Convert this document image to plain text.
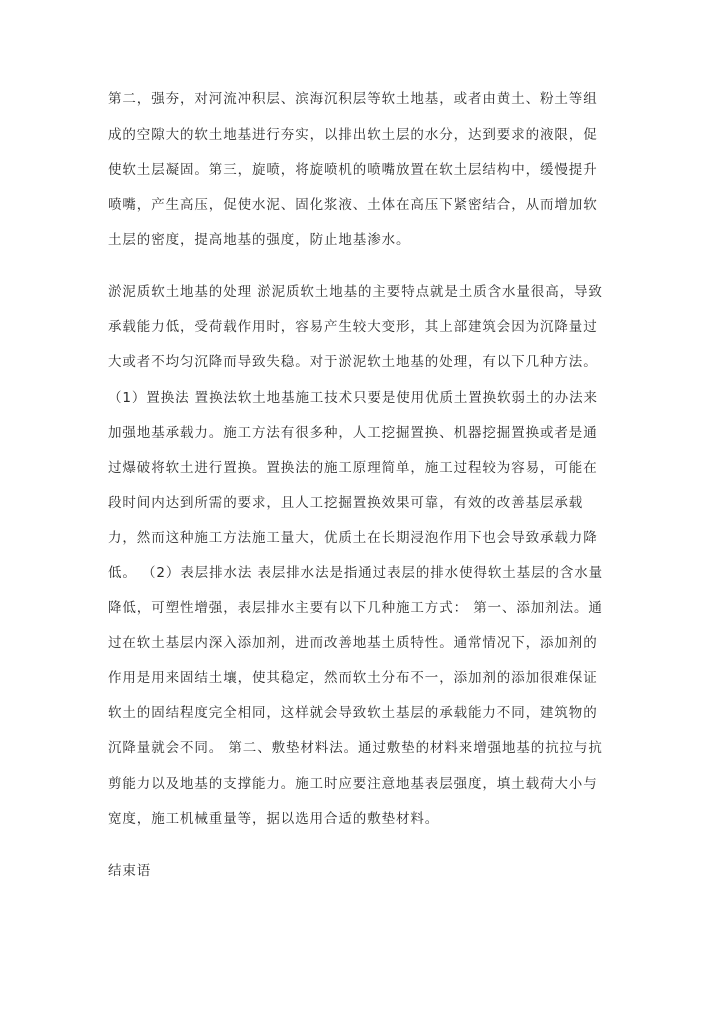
第二，强夯，对河流冲积层、滨海沉积层等软土地基，或者由黄土、粉土等组

成的空隙大的软土地基进行夯实，以排出软土层的水分，达到要求的液限，促

使软土层凝固。第三，旋喷，将旋喷机的喷嘴放置在软土层结构中，缓慢提升

喷嘴，产生高压，促使水泥、固化浆液、土体在高压下紧密结合，从而增加软

土层的密度，提高地基的强度，防止地基渗水。

淤泥质软土地基的处理 淤泥质软土地基的主要特点就是土质含水量很高，导致

承载能力低，受荷载作用时，容易产生较大变形，其上部建筑会因为沉降量过

大或者不均匀沉降而导致失稳。对于淤泥软土地基的处理，有以下几种方法。

（1）置换法 置换法软土地基施工技术只要是使用优质土置换软弱土的办法来

加强地基承载力。施工方法有很多种，人工挖掘置换、机器挖掘置换或者是通

过爆破将软土进行置换。置换法的施工原理简单，施工过程较为容易，可能在

段时间内达到所需的要求，且人工挖掘置换效果可靠，有效的改善基层承载

力，然而这种施工方法施工量大，优质土在长期浸泡作用下也会导致承载力降

低。 （2）表层排水法 表层排水法是指通过表层的排水使得软土基层的含水量

降低，可塑性增强，表层排水主要有以下几种施工方式： 第一、添加剂法。通

过在软土基层内深入添加剂，进而改善地基土质特性。通常情况下，添加剂的

作用是用来固结土壤，使其稳定，然而软土分布不一，添加剂的添加很难保证

软土的固结程度完全相同，这样就会导致软土基层的承载能力不同，建筑物的

沉降量就会不同。 第二、敷垫材料法。通过敷垫的材料来增强地基的抗拉与抗

剪能力以及地基的支撑能力。施工时应要注意地基表层强度，填土载荷大小与

宽度，施工机械重量等，据以选用合适的敷垫材料。

结束语
